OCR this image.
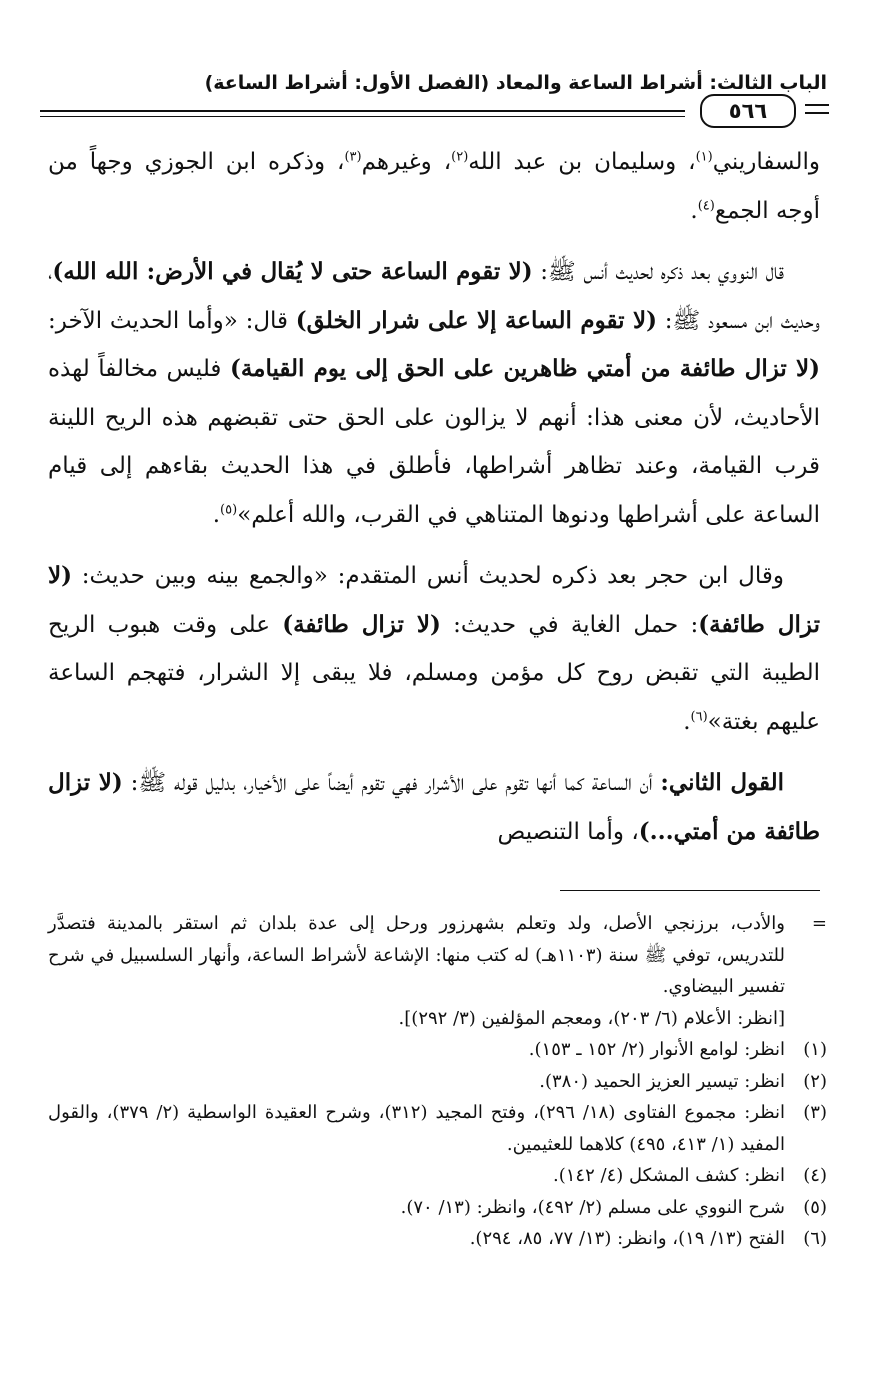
الباب الثالث: أشراط الساعة والمعاد (الفصل الأول: أشراط الساعة)
٥٦٦

والسفاريني$^{(١)}$، وسليمان بن عبد الله$^{(٢)}$، وغيرهم$^{(٣)}$، وذكره ابن الجوزي وجهاً من أوجه الجمع$^{(٤)}$.

قال النووي بعد ذكره لحديث أنس ﷺ: (لا تقوم الساعة حتى لا يُقال في الأرض: الله الله)، وحديث ابن مسعود ﷺ: (لا تقوم الساعة إلا على شرار الخلق) قال: «وأما الحديث الآخر: (لا تزال طائفة من أمتي ظاهرين على الحق إلى يوم القيامة) فليس مخالفاً لهذه الأحاديث، لأن معنى هذا: أنهم لا يزالون على الحق حتى تقبضهم هذه الريح اللينة قرب القيامة، وعند تظاهر أشراطها، فأطلق في هذا الحديث بقاءهم إلى قيام الساعة على أشراطها ودنوها المتناهي في القرب، والله أعلم»$^{(٥)}$.

وقال ابن حجر بعد ذكره لحديث أنس المتقدم: «والجمع بينه وبين حديث: (لا تزال طائفة): حمل الغاية في حديث: (لا تزال طائفة) على وقت هبوب الريح الطيبة التي تقبض روح كل مؤمن ومسلم، فلا يبقى إلا الشرار، فتهجم الساعة عليهم بغتة»$^{(٦)}$.

القول الثاني: أن الساعة كما أنها تقوم على الأشرار فهي تقوم أيضاً على الأخيار، بدليل قوله ﷺ: (لا تزال طائفة من أمتي...)، وأما التنصيص

=
والأدب، برزنجي الأصل، ولد وتعلم بشهرزور ورحل إلى عدة بلدان ثم استقر بالمدينة فتصدَّر للتدريس، توفي ﷺ سنة (١١٠٣هـ) له كتب منها: الإشاعة لأشراط الساعة، وأنهار السلسبيل في شرح تفسير البيضاوي.
[انظر: الأعلام (٦/ ٢٠٣)، ومعجم المؤلفين (٣/ ٢٩٢)].
(١)
انظر: لوامع الأنوار (٢/ ١٥٢ ـ ١٥٣).
(٢)
انظر: تيسير العزيز الحميد (٣٨٠).
(٣)
انظر: مجموع الفتاوى (١٨/ ٢٩٦)، وفتح المجيد (٣١٢)، وشرح العقيدة الواسطية (٢/ ٣٧٩)، والقول المفيد (١/ ٤١٣، ٤٩٥) كلاهما للعثيمين.
(٤)
انظر: كشف المشكل (٤/ ١٤٢).
(٥)
شرح النووي على مسلم (٢/ ٤٩٢)، وانظر: (١٣/ ٧٠).
(٦)
الفتح (١٣/ ١٩)، وانظر: (١٣/ ٧٧، ٨٥، ٢٩٤).
